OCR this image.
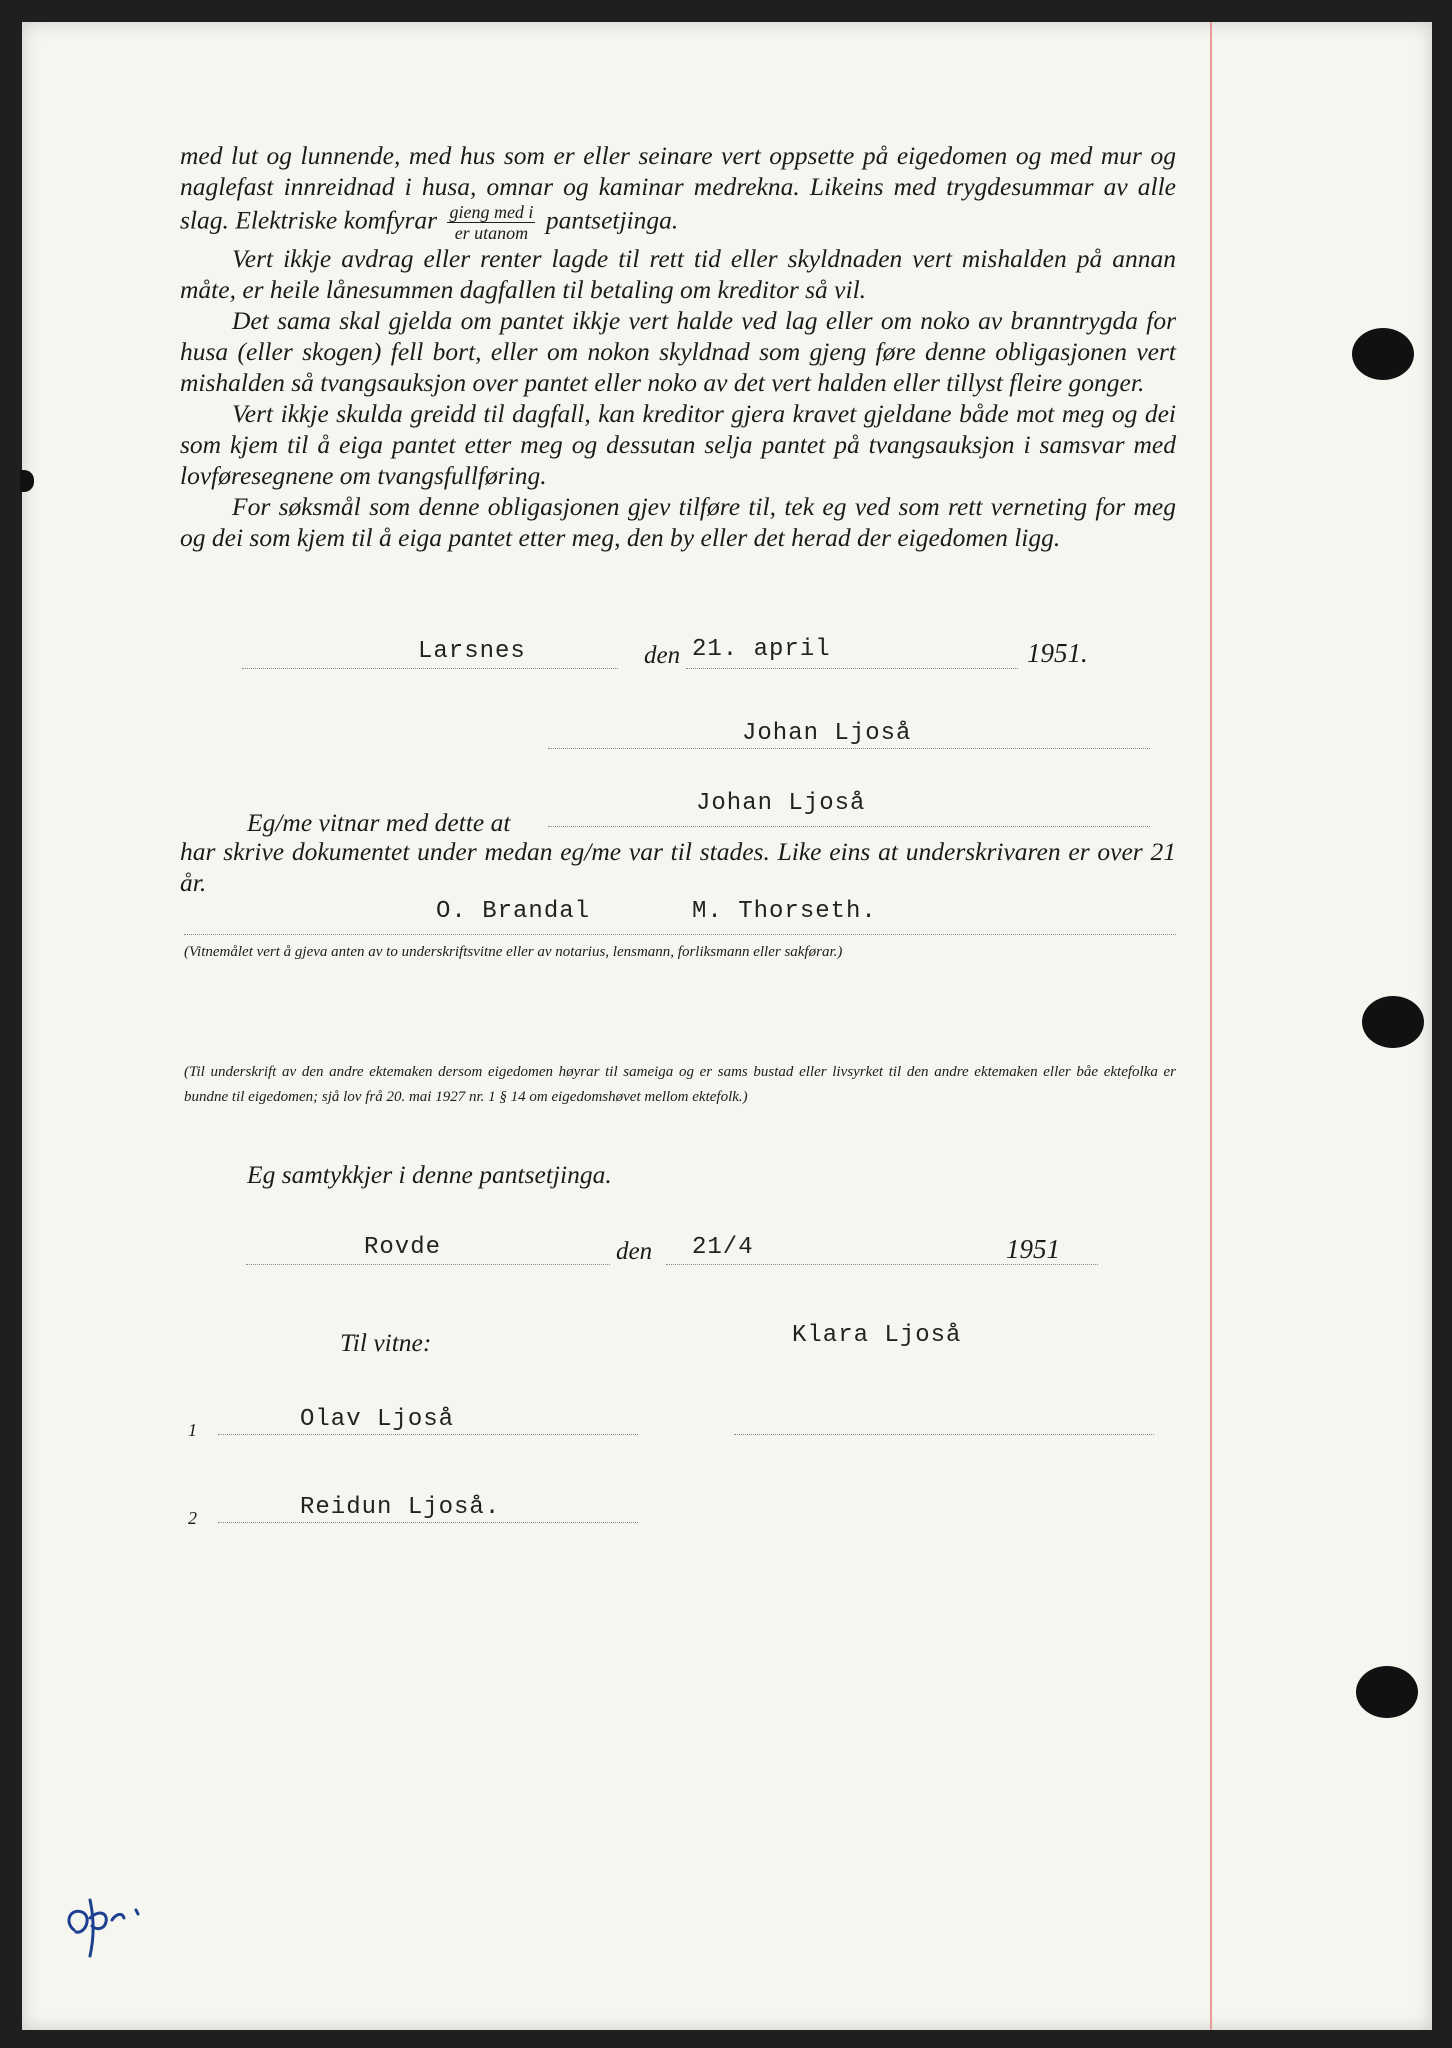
med lut og lunnende, med hus som er eller seinare vert oppsette på eigedomen og med mur og naglefast innreidnad i husa, omnar og kaminar medrekna. Likeins med trygdesummar av alle slag. Elektriske komfyrar $\frac{\text{gieng med i}}{\text{er utanom}}$ pantsetjinga.

Vert ikkje avdrag eller renter lagde til rett tid eller skyldnaden vert mishalden på annan måte, er heile lånesummen dagfallen til betaling om kreditor så vil.

Det sama skal gjelda om pantet ikkje vert halde ved lag eller om noko av branntrygda for husa (eller skogen) fell bort, eller om nokon skyldnad som gjeng føre denne obligasjonen vert mishalden så tvangsauksjon over pantet eller noko av det vert halden eller tillyst fleire gonger.

Vert ikkje skulda greidd til dagfall, kan kreditor gjera kravet gjeldane både mot meg og dei som kjem til å eiga pantet etter meg og dessutan selja pantet på tvangsauksjon i samsvar med lovføresegnene om tvangsfullføring.

For søksmål som denne obligasjonen gjev tilføre til, tek eg ved som rett verneting for meg og dei som kjem til å eiga pantet etter meg, den by eller det herad der eigedomen ligg.

Larsnes	den 21. april	1951.
Johan Ljoså
Eg/me vitnar med dette at
Johan Ljoså
har skrive dokumentet under medan eg/me var til stades. Like eins at underskrivaren er over 21 år.
O. Brandal	M. Thorseth.
(Vitnemålet vert å gjeva anten av to underskriftsvitne eller av notarius, lensmann, forliksmann eller sakførar.)
(Til underskrift av den andre ektemaken dersom eigedomen høyrar til sameiga og er sams bustad eller livsyrket til den andre ektemaken eller båe ektefolka er bundne til eigedomen; sjå lov frå 20. mai 1927 nr. 1 § 14 om eigedomshøvet mellom ektefolk.)
Eg samtykkjer i denne pantsetjinga.
Rovde	den 21/4	1951
Til vitne:	Klara Ljoså
1	Olav Ljoså
2	Reidun Ljoså.
